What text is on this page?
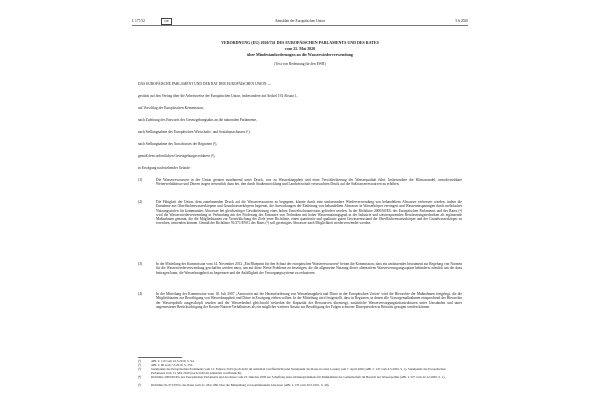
L 177/32	DE	Amtsblatt der Europäischen Union	5.6.2020
VERORDNUNG (EU) 2020/741 DES EUROPÄISCHEN PARLAMENTS UND DES RATES
vom 25. Mai 2020
über Mindestanforderungen an die Wasserwiederverwendung
(Text von Bedeutung für den EWR)
DAS EUROPÄISCHE PARLAMENT UND DER RAT DER EUROPÄISCHEN UNION —
gestützt auf den Vertrag über die Arbeitsweise der Europäischen Union, insbesondere auf Artikel 192 Absatz 1,
auf Vorschlag der Europäischen Kommission,
nach Zuleitung des Entwurfs des Gesetzgebungsakts an die nationalen Parlamente,
nach Stellungnahme des Europäischen Wirtschafts- und Sozialausschusses (¹),
nach Stellungnahme des Ausschusses der Regionen (²),
gemäß dem ordentlichen Gesetzgebungsverfahren (³),
in Erwägung nachstehender Gründe:
(1)	Die Wasserressourcen in der Union geraten zunehmend unter Druck, was zu Wasserknappheit und einer Verschlechterung der Wasserqualität führt. Insbesondere der Klimawandel, unvorhersehbare Wetterverhältnisse und Dürren tragen wesentlich dazu bei, den durch Stadtentwicklung und Landwirtschaft verursachten Druck auf die Süßwasserressourcen zu erhöhen.
(2)	Die Fähigkeit der Union, dem zunehmenden Druck auf die Wasserressourcen zu begegnen, könnte durch eine umfassendere Wiederverwendung von behandeltem Abwasser verbessert werden, indem die Entnahme aus Oberflächenwasserkörpern und Grundwasserkörpern begrenzt, die Auswirkungen der Einleitung von behandeltem Abwasser in Wasserkörper verringert und Wassereinsparungen durch mehrfaches Nutzungsstufen für kommunales Abwasser bei gleichzeitiger Gewährleistung eines hohen Umweltschutzniveaus gefördert werden. In der Richtlinie 2000/60/EG des Europäischen Parlaments und des Rates (⁴) wird die Wasserwiederverwendung in Verbindung mit der Förderung des Einsatzes von Techniken mit hoher Wassernutzungsgrad in der Industrie und wassersparenden Bewässerungstechniken als ergänzende Maßnahmen genannt, die die Mitgliedstaaten zur Verwirklichung der Ziele jener Richtlinie, einen quantitativ und qualitativ guten Gewässerzustand der Oberflächenwasserkörper und der Grundwasserkörper zu erreichen, anwenden können. Gemäß der Richtlinie 91/271/EWG des Rates (⁵) soll gereinigtes Abwasser nach Möglichkeit wiederverwendet werden.
(3)	In der Mitteilung der Kommission vom 14. November 2012 „Ein Blueprint für den Schutz der europäischen Wasserressourcen“ betont die Kommission, dass ein umfassendes Instrument zur Regelung von Normen für die Wasserwiederverwendung geschaffen werden muss, um auf diese Weise Probleme zu beseitigen, die die allgemeine Nutzung dieser alternativen Wasserversorgungsoption behindern, nämlich um die dazu beitragen kann, die Wasserknappheit zu begrenzen und die Anfälligkeit der Versorgungssysteme zu reduzieren.
(4)	In der Mitteilung der Kommission vom 18. Juli 2007 „Antworten auf die Herausforderung von Wasserknappheit und Dürre in der Europäischen Union“ wird die Hierarchie der Maßnahmen festgelegt, die die Mitgliedstaaten zur Bewältigung von Wasserknappheit und Dürre in Erwägung ziehen sollten. In der Mitteilung wird festgestellt, dass in Regionen, in denen alle Vorsorgemaßnahmen entsprechend der Hierarchie der Wasserpolitik ausgeschöpft wurden und der Wasserbedarf gleichwohl weiterhin die Kapazität der Ressourcen übersteigt, zusätzliche Wasserversorgungsinfrastrukturen unter Umständen und unter angemessener Berücksichtigung der Kosten-Nutzen-Verhältnisses als ein möglicher weiterer Ansatz zur Bewältigung der Folgen schwerer Dürreperioden in Betracht gezogen werden können.
(¹)	ABl. C 110 vom 22.3.2019, S. 94.
(²)	ABl. C 86 vom 7.3.2019, S. 353.
(³)	Standpunkt des Europäischen Parlaments vom 12. Februar 2019 (noch nicht im Amtsblatt veröffentlicht) und Standpunkt des Rates in erster Lesung vom 7. April 2020 (ABl. C 147 vom 4.5.2020, S. 1). Standpunkt des Europäischen Parlaments vom 13. Mai 2020 (noch nicht im Amtsblatt veröffentlicht).
(⁴)	Richtlinie 2000/60/EG des Europäischen Parlaments und des Rates vom 23. Oktober 2000 zur Schaffung eines Ordnungsrahmens für Maßnahmen der Gemeinschaft im Bereich der Wasserpolitik (ABl. L 327 vom 22.12.2000, S. 1).
(⁵)	Richtlinie 91/271/EWG des Rates vom 21. Mai 1991 über die Behandlung von kommunalem Abwasser (ABl. L 135 vom 30.5.1991, S. 40).
